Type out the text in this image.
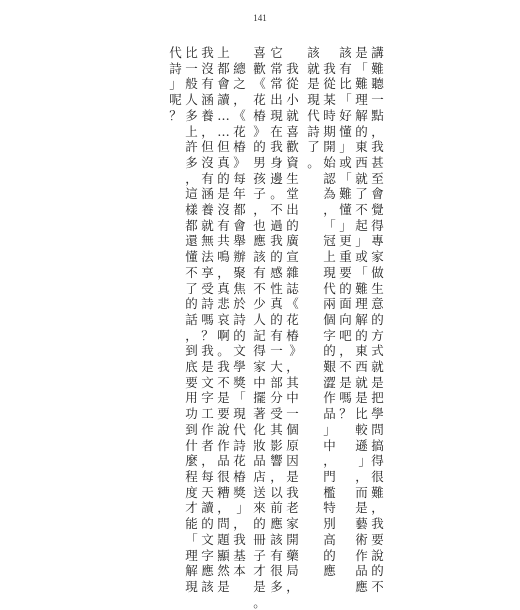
141

講難聽一點，我甚至會覺得專家做生意的方式就是把學問搞得很難，我要說的不

是「難理解的東西就了不起」或「難理解的東西就是比較遜」，而是藝術作品應

該有比「好懂」或「難懂」更重要的面向吧，不是嗎？

　我從某時期開始認為，「冠上現代兩個字的艱澀作品」中，門檻特別高的應

該就是現代詩了。

　我從小就喜歡資生堂出的廣宣雜誌《花椿》，其中一個原因是我老家開藥局，

它常常出現在我身邊。不過我的感性真的有一大部分受其影響，以前應該有很多

喜歡《花椿》的男孩子，也應該有不少人記得家中擺著化妝品店送來的冊子才是。

　總之，《花椿》每年都會舉辦聚焦於詩的文學獎「現代詩花椿獎」，我基本

上都會讀……但真的是沒有共鳴，真悲哀啊。我不是要說作品很糟，問題顯然是

我沒有涵養，但沒有涵養就無法享受詩嗎？我是文字工作者，每天讀的文字應該

比一般人多上許多，這樣都還懂不了的話，到底要用功到什麼程度才能「理解現

代詩」呢？
